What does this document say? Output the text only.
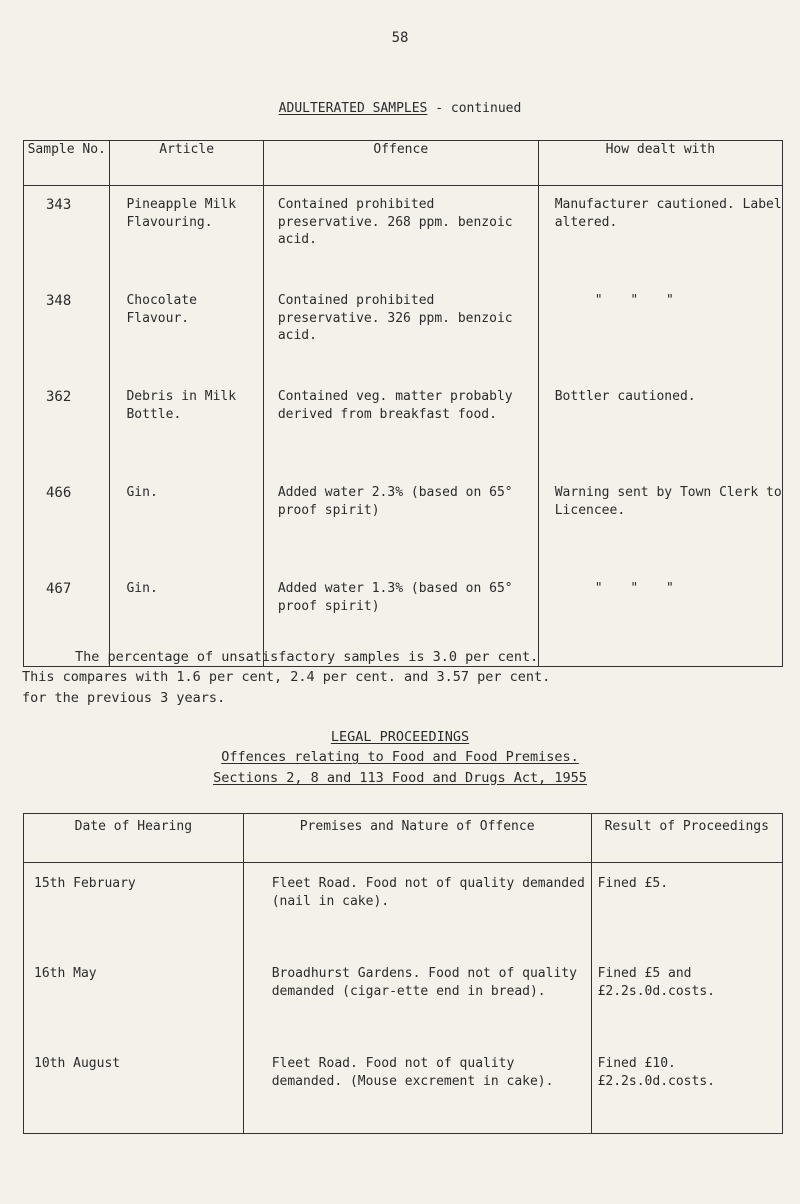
58
ADULTERATED SAMPLES - continued
Sample No.	Article	Offence	How dealt with
343	Pineapple Milk Flavouring.	Contained prohibited preservative. 268 ppm. benzoic acid.	Manufacturer cautioned. Label altered.
348	Chocolate Flavour.	Contained prohibited preservative. 326 ppm. benzoic acid.	" " "
362	Debris in Milk Bottle.	Contained veg. matter probably derived from breakfast food.	Bottler cautioned.
466	Gin.	Added water 2.3% (based on 65° proof spirit)	Warning sent by Town Clerk to Licencee.
467	Gin.	Added water 1.3% (based on 65° proof spirit)	" " "
The percentage of unsatisfactory samples is 3.0 per cent.
This compares with 1.6 per cent, 2.4 per cent. and 3.57 per cent.
for the previous 3 years.
LEGAL PROCEEDINGS
Offences relating to Food and Food Premises.
Sections 2, 8 and 113 Food and Drugs Act, 1955
Date of Hearing	Premises and Nature of Offence	Result of Proceedings
15th February	Fleet Road. Food not of quality demanded (nail in cake).	Fined £5.
16th May	Broadhurst Gardens. Food not of quality demanded (cigar-ette end in bread).	Fined £5 and £2.2s.0d.costs.
10th August	Fleet Road. Food not of quality demanded. (Mouse excrement in cake).	Fined £10. £2.2s.0d.costs.
